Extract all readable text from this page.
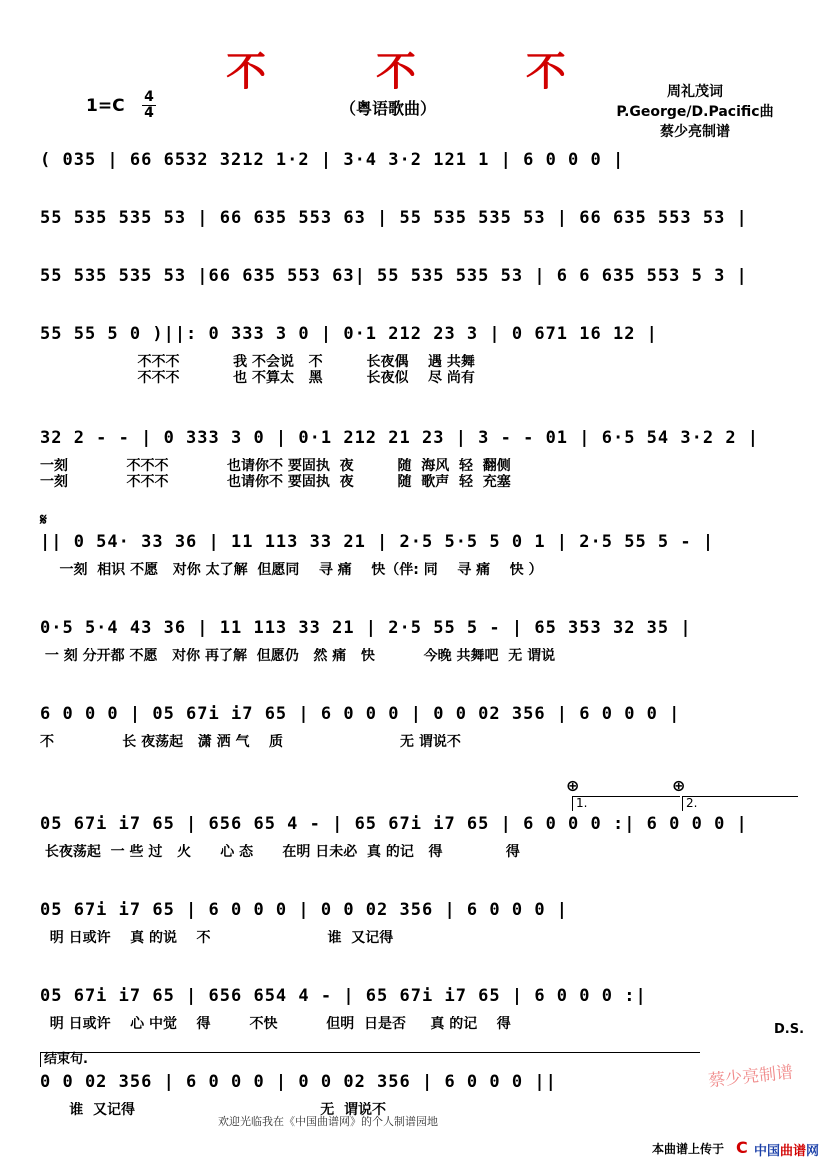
不 不 不
$1=C \frac{4}{4}$	（粤语歌曲）
周礼茂词
P.George/D.Pacific曲
蔡少亮制谱
( 035 | 66 6532 3212 1·2 | 3·4 3·2 121 1 | 6 0 0 0 |
55 535 535 53 | 66 635 553 63 | 55 535 535 53 | 66 635 553 53 |
55 535 535 53 |66 635 553 63| 55 535 535 53 | 6 6 635 553 5 3 |
55 55 5 0 )||: 0 333 3 0 | 0·1 212 23 3 | 0 671 16 12 |
不不不           我 不会说   不         长夜偶    遇 共舞
不不不           也 不算太   黑         长夜似    尽 尚有
32 2 - - | 0 333 3 0 | 0·1 212 21 23 | 3 - - 01 | 6·5 54 3·2 2 |
一刻            不不不            也请你不 要固执  夜         随  海风  轻  翻侧
一刻            不不不            也请你不 要固执  夜         随  歌声  轻  充塞
𝄋
|| 0 54· 33 36 | 11 113 33 21 | 2·5 5·5 5 0 1 | 2·5 55 5 - |
一刻  相识 不愿   对你 太了解  但愿同    寻 痛    快（伴: 同    寻 痛    快 ）
0·5 5·4 43 36 | 11 113 33 21 | 2·5 55 5 - | 65 353 32 35 |
一 刻 分开都 不愿   对你 再了解  但愿仍   然 痛   快          今晚 共舞吧  无 谓说
6 0 0 0 | 05 67i i7 65 | 6 0 0 0 | 0 0 02 356 | 6 0 0 0 |
不              长 夜荡起   潇 洒 气    质                        无 谓说不
⊕	⊕
1.	2.
05 67i i7 65 | 656 65 4 - | 65 67i i7 65 | 6 0 0 0 :| 6 0 0 0 |
长夜荡起  一 些 过   火      心 态      在明 日未必  真 的记   得             得
05 67i i7 65 | 6 0 0 0 | 0 0 02 356 | 6 0 0 0 |
明 日或许    真 的说    不                        谁  又记得
05 67i i7 65 | 656 654 4 - | 65 67i i7 65 | 6 0 0 0 :|
明 日或许    心 中觉    得        不快          但明  日是否     真 的记    得	D.S.
结束句.
0 0 02 356 | 6 0 0 0 | 0 0 02 356 | 6 0 0 0 ||
谁  又记得                                      无  谓说不
欢迎光临我在《中国曲谱网》的个人制谱园地
蔡少亮制谱
本曲谱上传于 C 中国曲谱网
